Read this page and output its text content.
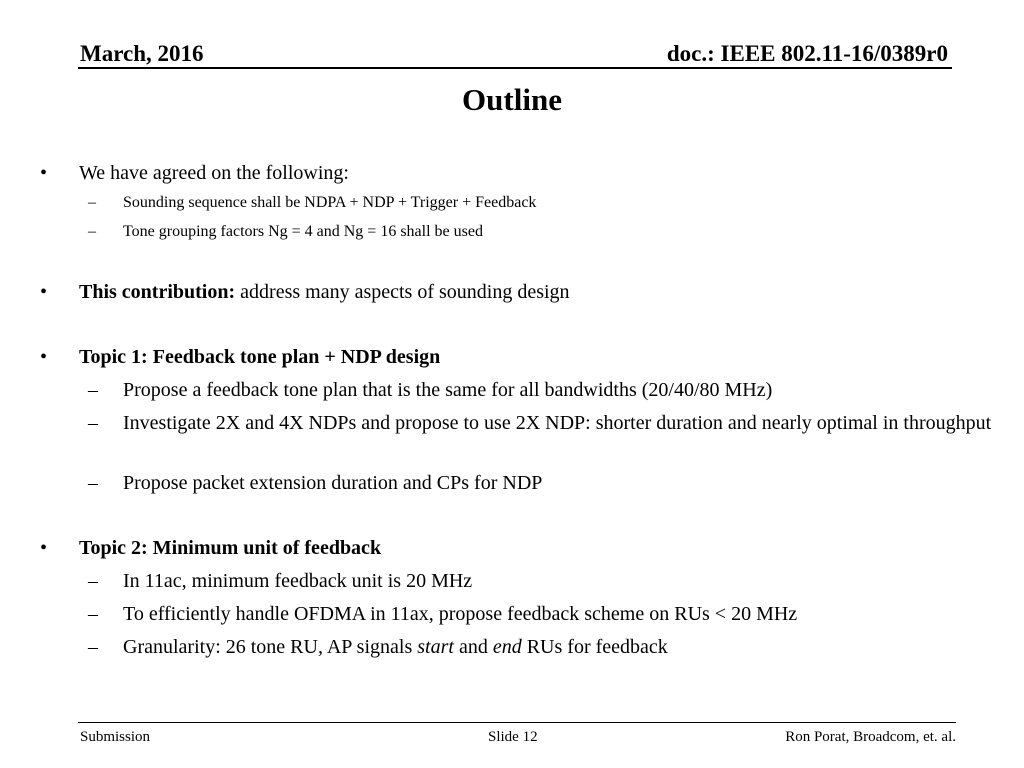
March, 2016	doc.: IEEE 802.11-16/0389r0
Outline
• We have agreed on the following:
– Sounding sequence shall be NDPA + NDP + Trigger + Feedback
– Tone grouping factors Ng = 4 and Ng = 16 shall be used
• This contribution: address many aspects of sounding design
• Topic 1: Feedback tone plan + NDP design
– Propose a feedback tone plan that is the same for all bandwidths (20/40/80 MHz)
– Investigate 2X and 4X NDPs and propose to use 2X NDP: shorter duration and nearly optimal in throughput
– Propose packet extension duration and CPs for NDP
• Topic 2: Minimum unit of feedback
– In 11ac, minimum feedback unit is 20 MHz
– To efficiently handle OFDMA in 11ax, propose feedback scheme on RUs < 20 MHz
– Granularity: 26 tone RU, AP signals start and end RUs for feedback
Submission	Slide 12	Ron Porat, Broadcom, et. al.
